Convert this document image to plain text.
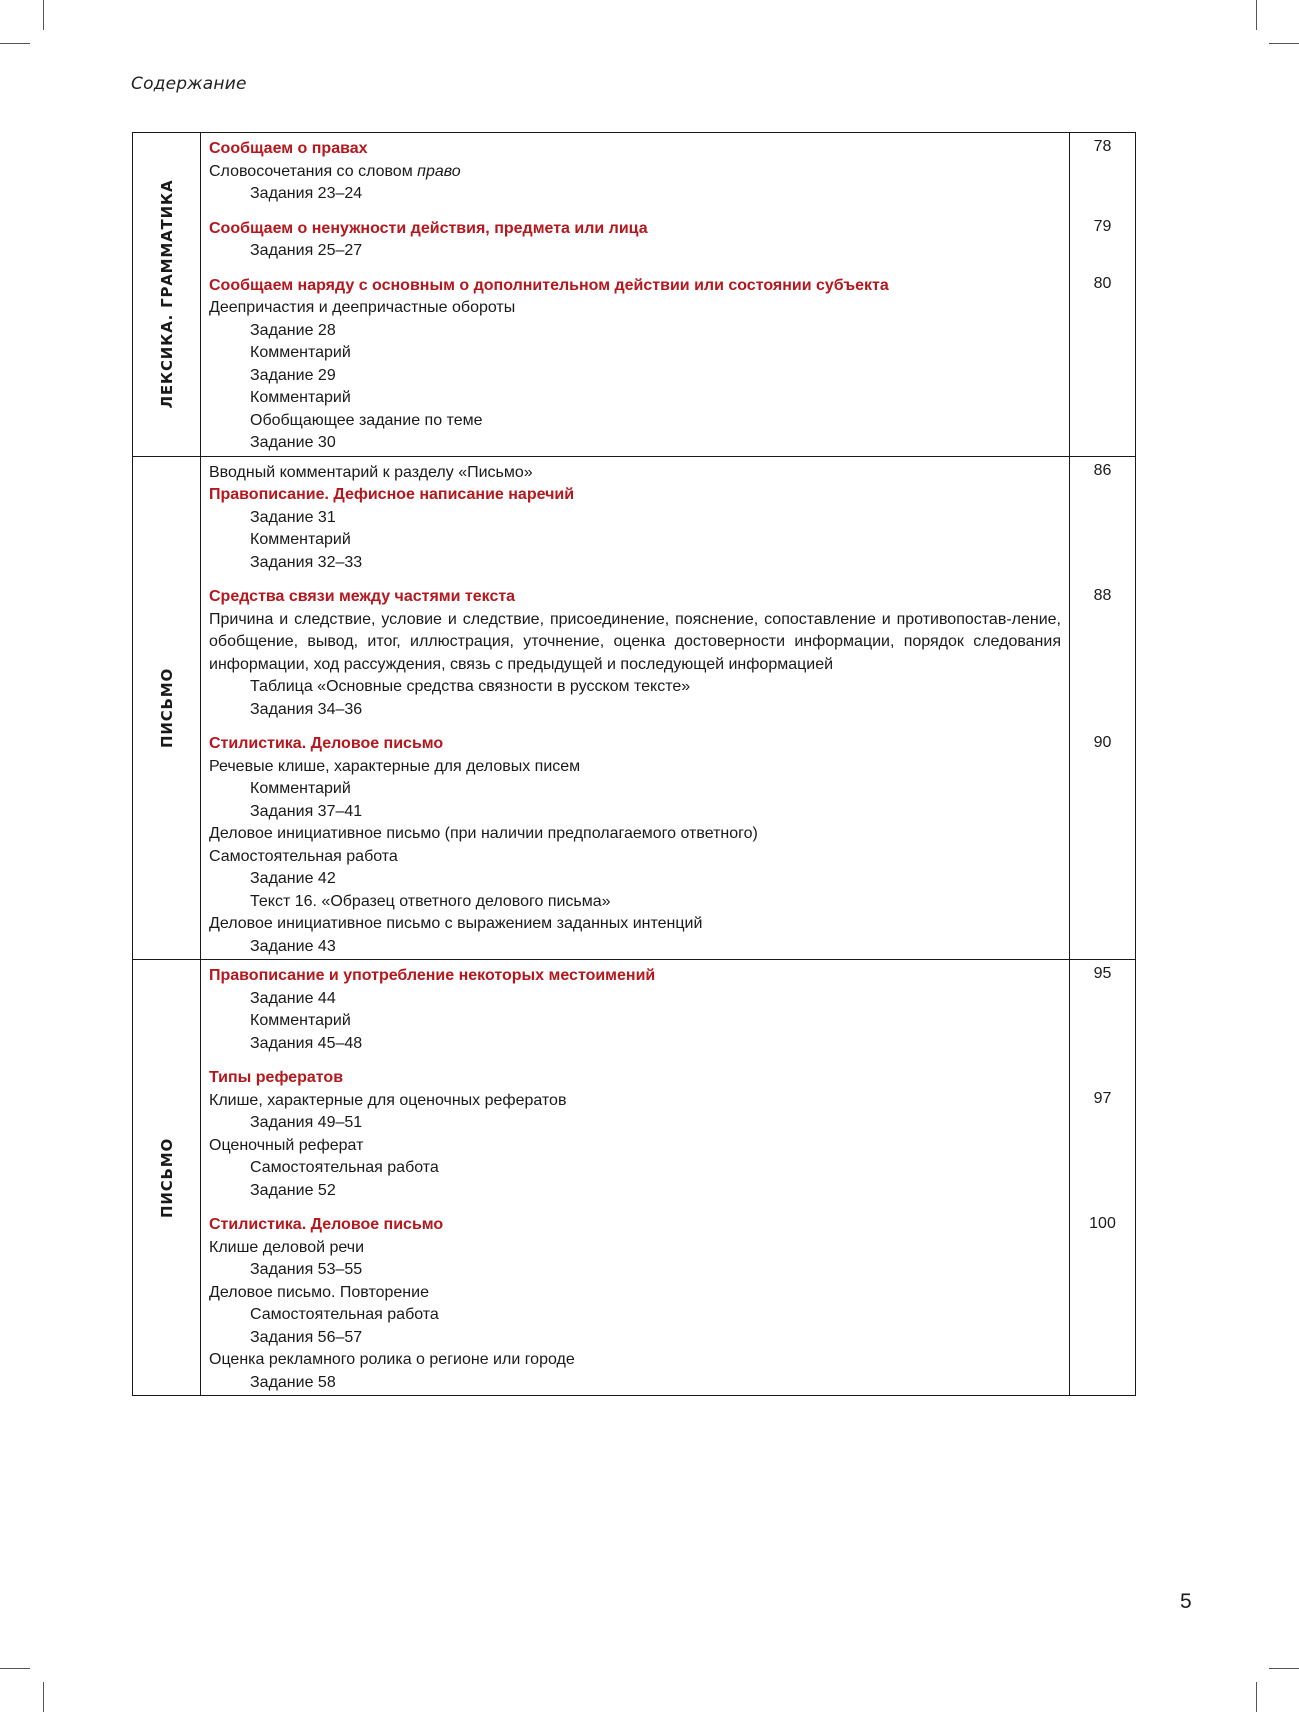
Содержание
ЛЕКСИКА. ГРАММАТИКА
Сообщаем о правах
Словосочетания со словом право
Задания 23–24
Сообщаем о ненужности действия, предмета или лица
Задания 25–27
Сообщаем наряду с основным о дополнительном действии или состоянии субъекта
Деепричастия и деепричастные обороты
Задание 28
Комментарий
Задание 29
Комментарий
Обобщающее задание по теме
Задание 30
78
79
80
ПИСЬМО
Вводный комментарий к разделу «Письмо»
Правописание. Дефисное написание наречий
Задание 31
Комментарий
Задания 32–33
Средства связи между частями текста
Причина и следствие, условие и следствие, присоединение, пояснение, сопоставление и противопостав-ление, обобщение, вывод, итог, иллюстрация, уточнение, оценка достоверности информации, порядок следования информации, ход рассуждения, связь с предыдущей и последующей информацией
Таблица «Основные средства связности в русском тексте»
Задания 34–36
Стилистика. Деловое письмо
Речевые клише, характерные для деловых писем
Комментарий
Задания 37–41
Деловое инициативное письмо (при наличии предполагаемого ответного)
Самостоятельная работа
Задание 42
Текст 16. «Образец ответного делового письма»
Деловое инициативное письмо с выражением заданных интенций
Задание 43
86
88
90
ПИСЬМО
Правописание и употребление некоторых местоимений
Задание 44
Комментарий
Задания 45–48
Типы рефератов
Клише, характерные для оценочных рефератов
Задания 49–51
Оценочный реферат
Самостоятельная работа
Задание 52
Стилистика. Деловое письмо
Клише деловой речи
Задания 53–55
Деловое письмо. Повторение
Самостоятельная работа
Задания 56–57
Оценка рекламного ролика о регионе или городе
Задание 58
95
97
100
5
